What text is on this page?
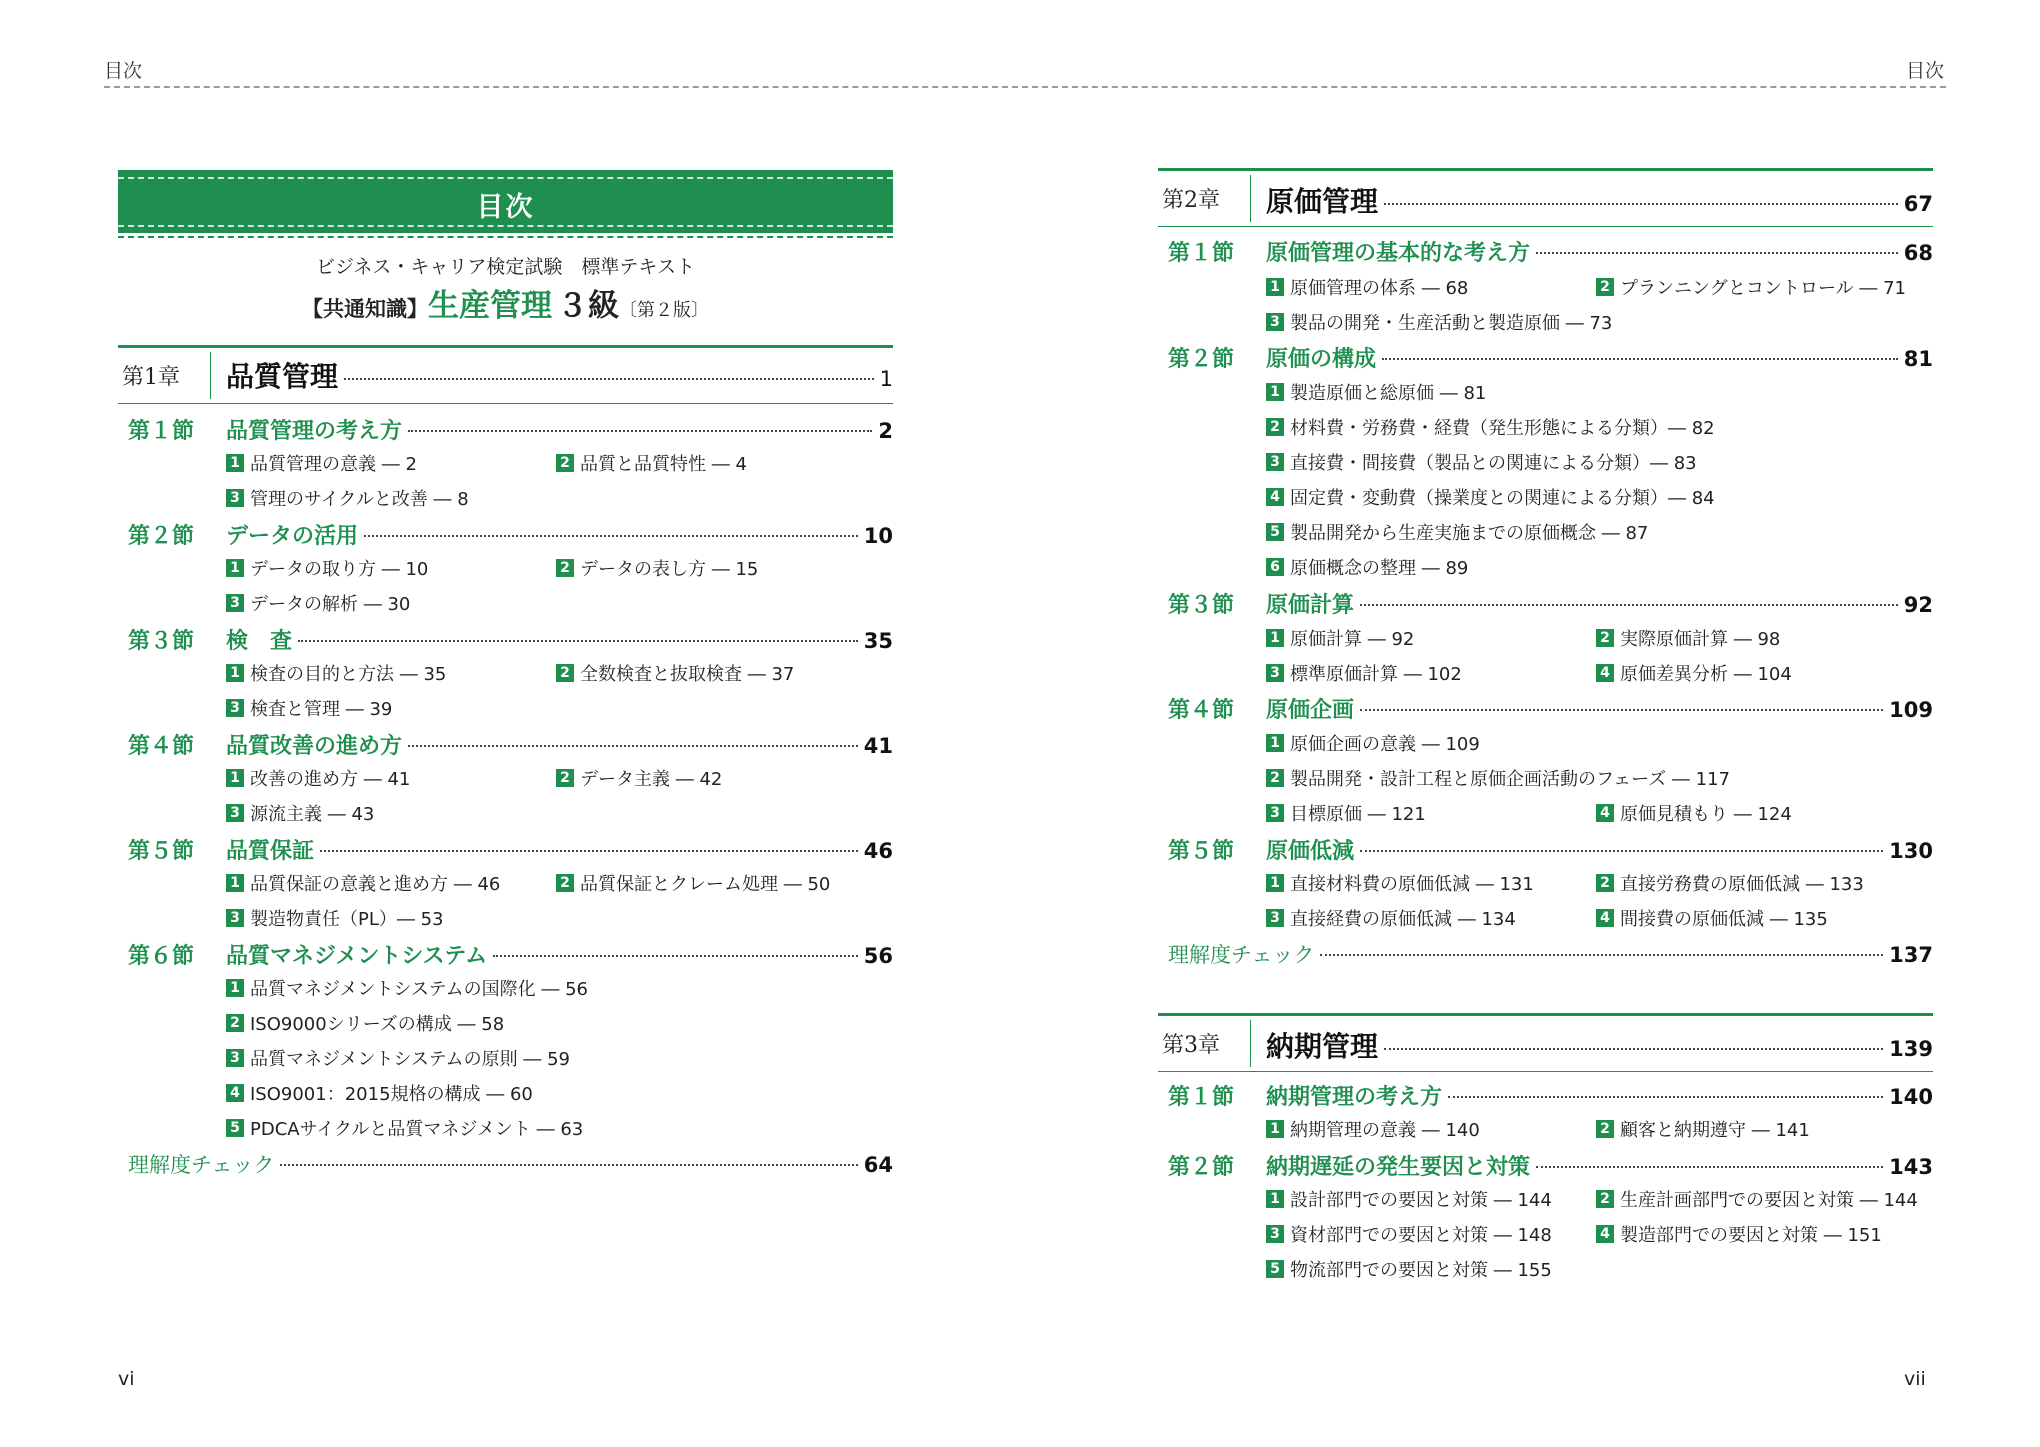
目次	目次
目次
ビジネス・キャリア検定試験　標準テキスト
【共通知識】生産管理 ３級〔第２版〕
第1章	品質管理	1
第１節	品質管理の考え方	2
1 品質管理の意義 ― 2	2 品質と品質特性 ― 4
3 管理のサイクルと改善 ― 8
第２節	データの活用	10
1 データの取り方 ― 10	2 データの表し方 ― 15
3 データの解析 ― 30
第３節	検　査	35
1 検査の目的と方法 ― 35	2 全数検査と抜取検査 ― 37
3 検査と管理 ― 39
第４節	品質改善の進め方	41
1 改善の進め方 ― 41	2 データ主義 ― 42
3 源流主義 ― 43
第５節	品質保証	46
1 品質保証の意義と進め方 ― 46	2 品質保証とクレーム処理 ― 50
3 製造物責任（PL）― 53
第６節	品質マネジメントシステム	56
1 品質マネジメントシステムの国際化 ― 56
2 ISO9000シリーズの構成 ― 58
3 品質マネジメントシステムの原則 ― 59
4 ISO9001：2015規格の構成 ― 60
5 PDCAサイクルと品質マネジメント ― 63
理解度チェック	64
第2章	原価管理	67
第１節	原価管理の基本的な考え方	68
1 原価管理の体系 ― 68	2 プランニングとコントロール ― 71
3 製品の開発・生産活動と製造原価 ― 73
第２節	原価の構成	81
1 製造原価と総原価 ― 81
2 材料費・労務費・経費（発生形態による分類）― 82
3 直接費・間接費（製品との関連による分類）― 83
4 固定費・変動費（操業度との関連による分類）― 84
5 製品開発から生産実施までの原価概念 ― 87
6 原価概念の整理 ― 89
第３節	原価計算	92
1 原価計算 ― 92	2 実際原価計算 ― 98
3 標準原価計算 ― 102	4 原価差異分析 ― 104
第４節	原価企画	109
1 原価企画の意義 ― 109
2 製品開発・設計工程と原価企画活動のフェーズ ― 117
3 目標原価 ― 121	4 原価見積もり ― 124
第５節	原価低減	130
1 直接材料費の原価低減 ― 131	2 直接労務費の原価低減 ― 133
3 直接経費の原価低減 ― 134	4 間接費の原価低減 ― 135
理解度チェック	137
第3章	納期管理	139
第１節	納期管理の考え方	140
1 納期管理の意義 ― 140	2 顧客と納期遵守 ― 141
第２節	納期遅延の発生要因と対策	143
1 設計部門での要因と対策 ― 144	2 生産計画部門での要因と対策 ― 144
3 資材部門での要因と対策 ― 148	4 製造部門での要因と対策 ― 151
5 物流部門での要因と対策 ― 155
vi	vii
